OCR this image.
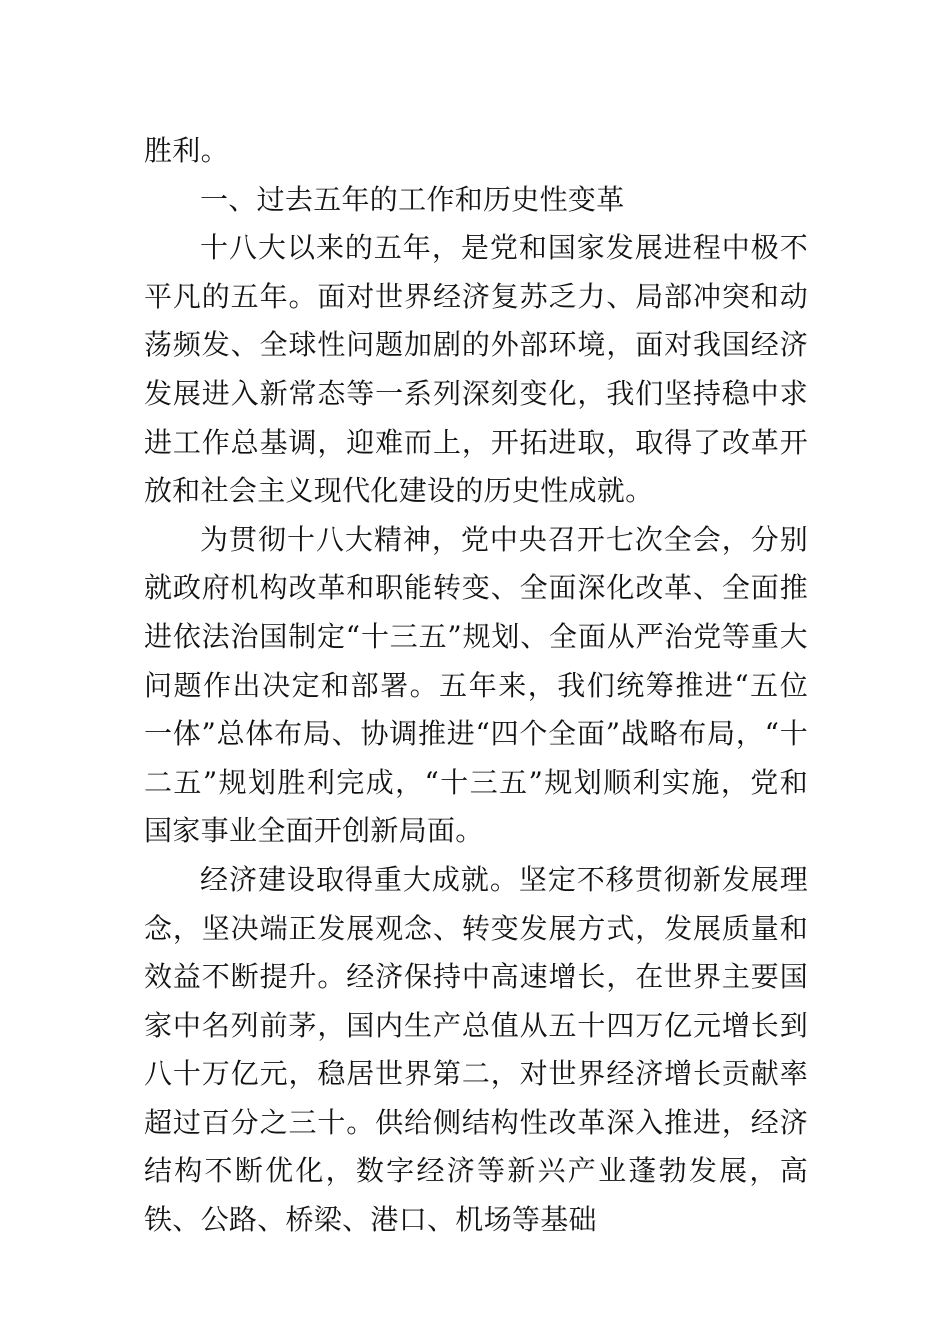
胜利。

一、过去五年的工作和历史性变革

十八大以来的五年，是党和国家发展进程中极不平凡的五年。面对世界经济复苏乏力、局部冲突和动荡频发、全球性问题加剧的外部环境，面对我国经济发展进入新常态等一系列深刻变化，我们坚持稳中求进工作总基调，迎难而上，开拓进取，取得了改革开放和社会主义现代化建设的历史性成就。

为贯彻十八大精神，党中央召开七次全会，分别就政府机构改革和职能转变、全面深化改革、全面推进依法治国制定“十三五”规划、全面从严治党等重大问题作出决定和部署。五年来，我们统筹推进“五位一体”总体布局、协调推进“四个全面”战略布局，“十二五”规划胜利完成，“十三五”规划顺利实施，党和国家事业全面开创新局面。

经济建设取得重大成就。坚定不移贯彻新发展理念，坚决端正发展观念、转变发展方式，发展质量和效益不断提升。经济保持中高速增长，在世界主要国家中名列前茅，国内生产总值从五十四万亿元增长到八十万亿元，稳居世界第二，对世界经济增长贡献率超过百分之三十。供给侧结构性改革深入推进，经济结构不断优化，数字经济等新兴产业蓬勃发展，高铁、公路、桥梁、港口、机场等基础
